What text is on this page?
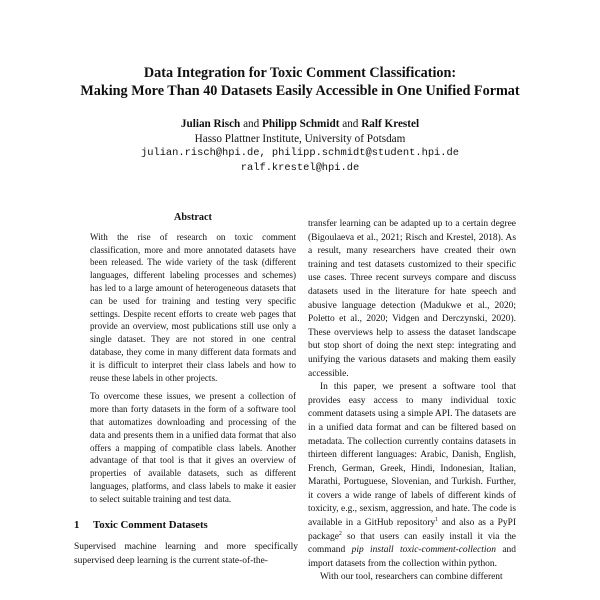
Data Integration for Toxic Comment Classification:
Making More Than 40 Datasets Easily Accessible in One Unified Format
Julian Risch and Philipp Schmidt and Ralf Krestel
Hasso Plattner Institute, University of Potsdam
julian.risch@hpi.de, philipp.schmidt@student.hpi.de
ralf.krestel@hpi.de
Abstract

With the rise of research on toxic comment classification, more and more annotated datasets have been released. The wide variety of the task (different languages, different labeling processes and schemes) has led to a large amount of heterogeneous datasets that can be used for training and testing very specific settings. Despite recent efforts to create web pages that provide an overview, most publications still use only a single dataset. They are not stored in one central database, they come in many different data formats and it is difficult to interpret their class labels and how to reuse these labels in other projects.

To overcome these issues, we present a collection of more than forty datasets in the form of a software tool that automatizes downloading and processing of the data and presents them in a unified data format that also offers a mapping of compatible class labels. Another advantage of that tool is that it gives an overview of properties of available datasets, such as different languages, platforms, and class labels to make it easier to select suitable training and test data.

1 Toxic Comment Datasets

Supervised machine learning and more specifically supervised deep learning is the current state-of-the-

transfer learning can be adapted up to a certain degree (Bigoulaeva et al., 2021; Risch and Krestel, 2018). As a result, many researchers have created their own training and test datasets customized to their specific use cases. Three recent surveys compare and discuss datasets used in the literature for hate speech and abusive language detection (Madukwe et al., 2020; Poletto et al., 2020; Vidgen and Derczynski, 2020). These overviews help to assess the dataset landscape but stop short of doing the next step: integrating and unifying the various datasets and making them easily accessible.

In this paper, we present a software tool that provides easy access to many individual toxic comment datasets using a simple API. The datasets are in a unified data format and can be filtered based on metadata. The collection currently contains datasets in thirteen different languages: Arabic, Danish, English, French, German, Greek, Hindi, Indonesian, Italian, Marathi, Portuguese, Slovenian, and Turkish. Further, it covers a wide range of labels of different kinds of toxicity, e.g., sexism, aggression, and hate. The code is available in a GitHub repository$^1$ and also as a PyPI package$^2$ so that users can easily install it via the command pip install toxic-comment-collection and import datasets from the collection within python.

With our tool, researchers can combine different
